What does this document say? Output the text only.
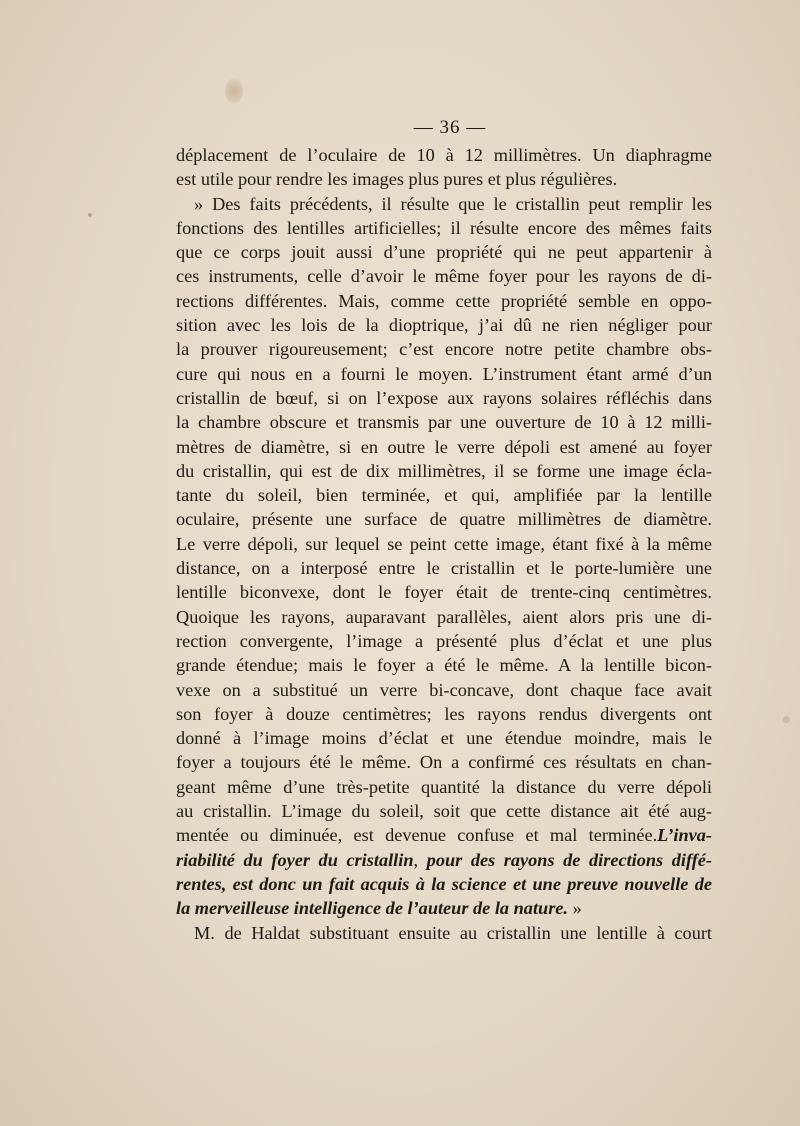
— 36 —
déplacement de l’oculaire de 10 à 12 millimètres. Un diaphragme
est utile pour rendre les images plus pures et plus régulières.
» Des faits précédents, il résulte que le cristallin peut remplir les
fonctions des lentilles artificielles; il résulte encore des mêmes faits
que ce corps jouit aussi d’une propriété qui ne peut appartenir à
ces instruments, celle d’avoir le même foyer pour les rayons de di-
rections différentes. Mais, comme cette propriété semble en oppo-
sition avec les lois de la dioptrique, j’ai dû ne rien négliger pour
la prouver rigoureusement; c’est encore notre petite chambre obs-
cure qui nous en a fourni le moyen. L’instrument étant armé d’un
cristallin de bœuf, si on l’expose aux rayons solaires réfléchis dans
la chambre obscure et transmis par une ouverture de 10 à 12 milli-
mètres de diamètre, si en outre le verre dépoli est amené au foyer
du cristallin, qui est de dix millimètres, il se forme une image écla-
tante du soleil, bien terminée, et qui, amplifiée par la lentille
oculaire, présente une surface de quatre millimètres de diamètre.
Le verre dépoli, sur lequel se peint cette image, étant fixé à la même
distance, on a interposé entre le cristallin et le porte-lumière une
lentille biconvexe, dont le foyer était de trente-cinq centimètres.
Quoique les rayons, auparavant parallèles, aient alors pris une di-
rection convergente, l’image a présenté plus d’éclat et une plus
grande étendue; mais le foyer a été le même. A la lentille bicon-
vexe on a substitué un verre bi-concave, dont chaque face avait
son foyer à douze centimètres; les rayons rendus divergents ont
donné à l’image moins d’éclat et une étendue moindre, mais le
foyer a toujours été le même. On a confirmé ces résultats en chan-
geant même d’une très-petite quantité la distance du verre dépoli
au cristallin. L’image du soleil, soit que cette distance ait été aug-
mentée ou diminuée, est devenue confuse et mal terminée.L’inva-
riabilité du foyer du cristallin, pour des rayons de directions diffé-
rentes, est donc un fait acquis à la science et une preuve nouvelle de
la merveilleuse intelligence de l’auteur de la nature. »
M. de Haldat substituant ensuite au cristallin une lentille à court
